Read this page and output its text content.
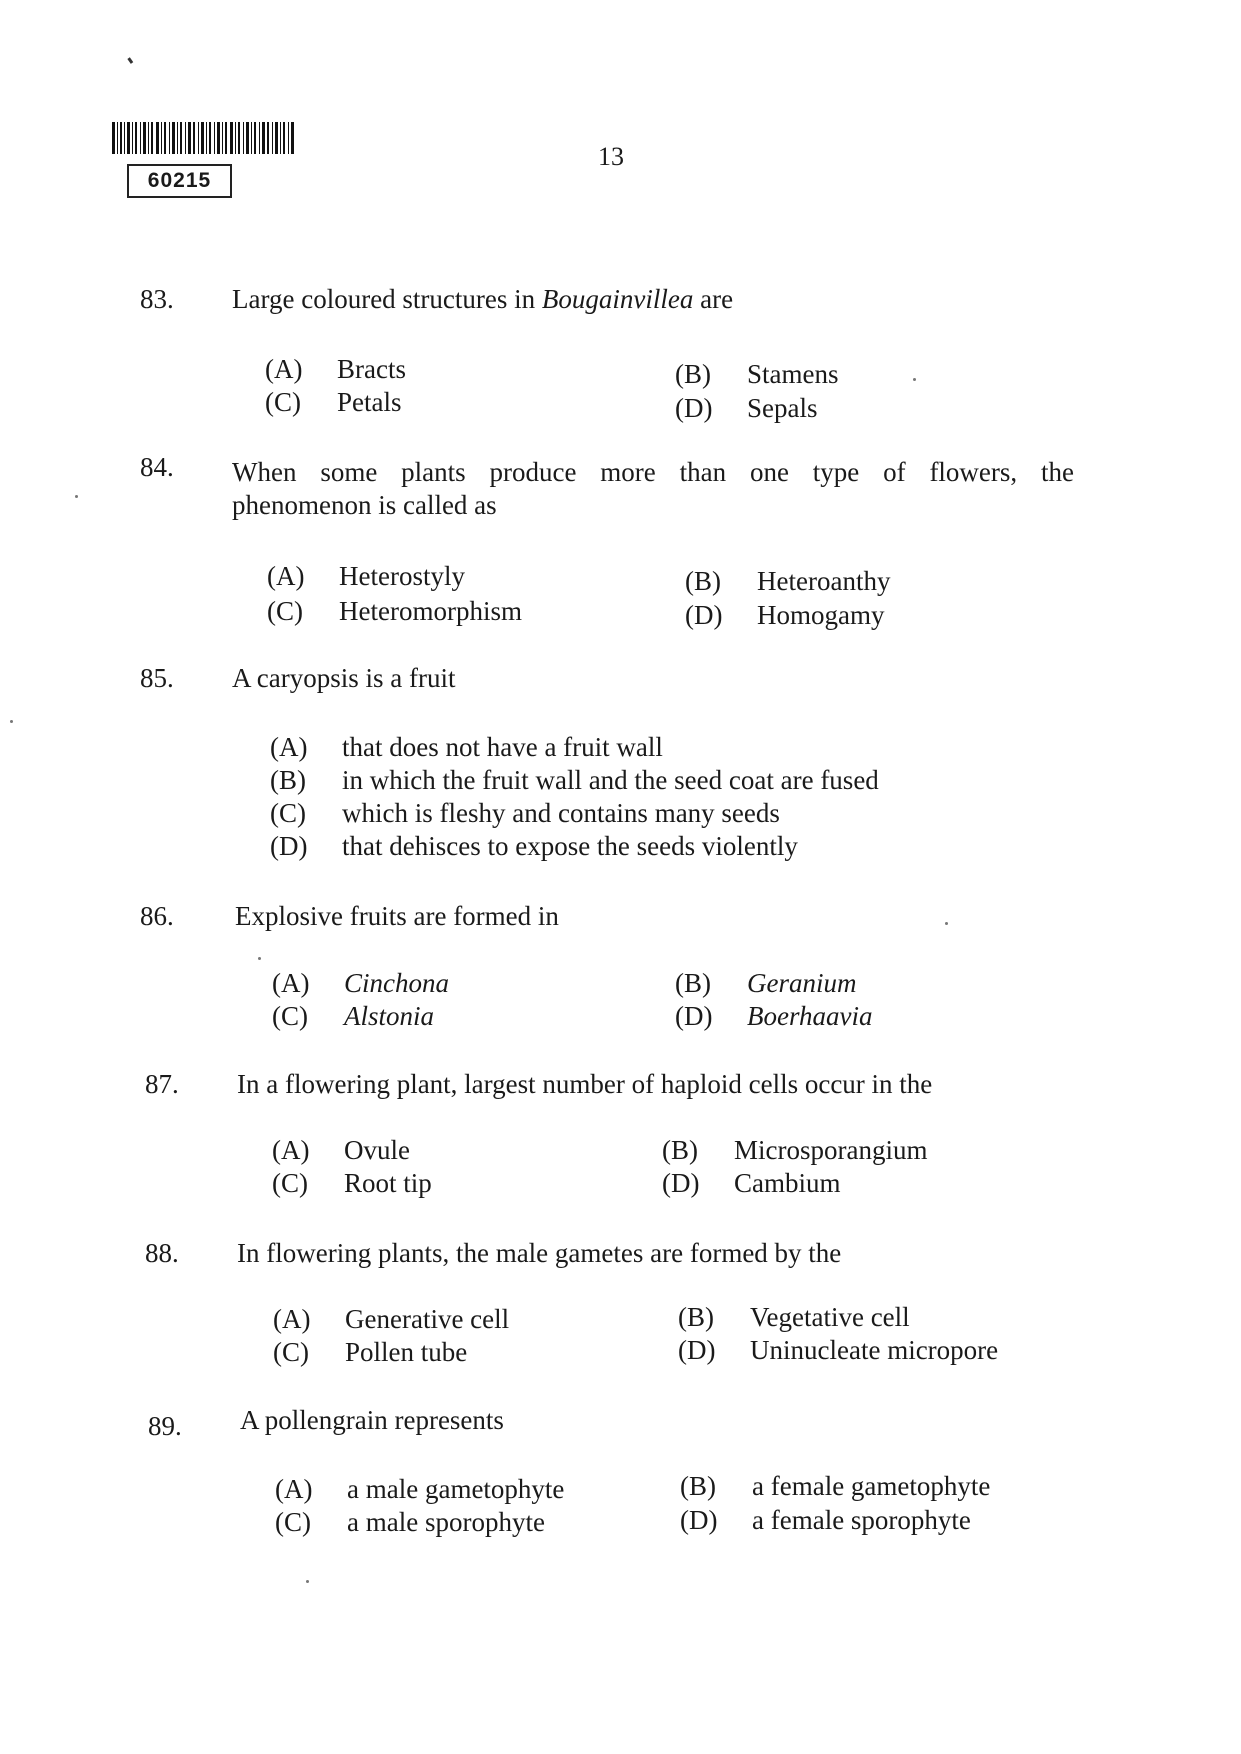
60215
13
83. Large coloured structures in Bougainvillea are
(A) Bracts	(B) Stamens
(C) Petals	(D) Sepals
84. When some plants produce more than one type of flowers, the
phenomenon is called as
(A) Heterostyly	(B) Heteroanthy
(C) Heteromorphism	(D) Homogamy
85. A caryopsis is a fruit
(A) that does not have a fruit wall
(B) in which the fruit wall and the seed coat are fused
(C) which is fleshy and contains many seeds
(D) that dehisces to expose the seeds violently
86. Explosive fruits are formed in
(A) Cinchona	(B) Geranium
(C) Alstonia	(D) Boerhaavia
87. In a flowering plant, largest number of haploid cells occur in the
(A) Ovule	(B) Microsporangium
(C) Root tip	(D) Cambium
88. In flowering plants, the male gametes are formed by the
(A) Generative cell	(B) Vegetative cell
(C) Pollen tube	(D) Uninucleate micropore
89. A pollengrain represents
(A) a male gametophyte	(B) a female gametophyte
(C) a male sporophyte	(D) a female sporophyte
